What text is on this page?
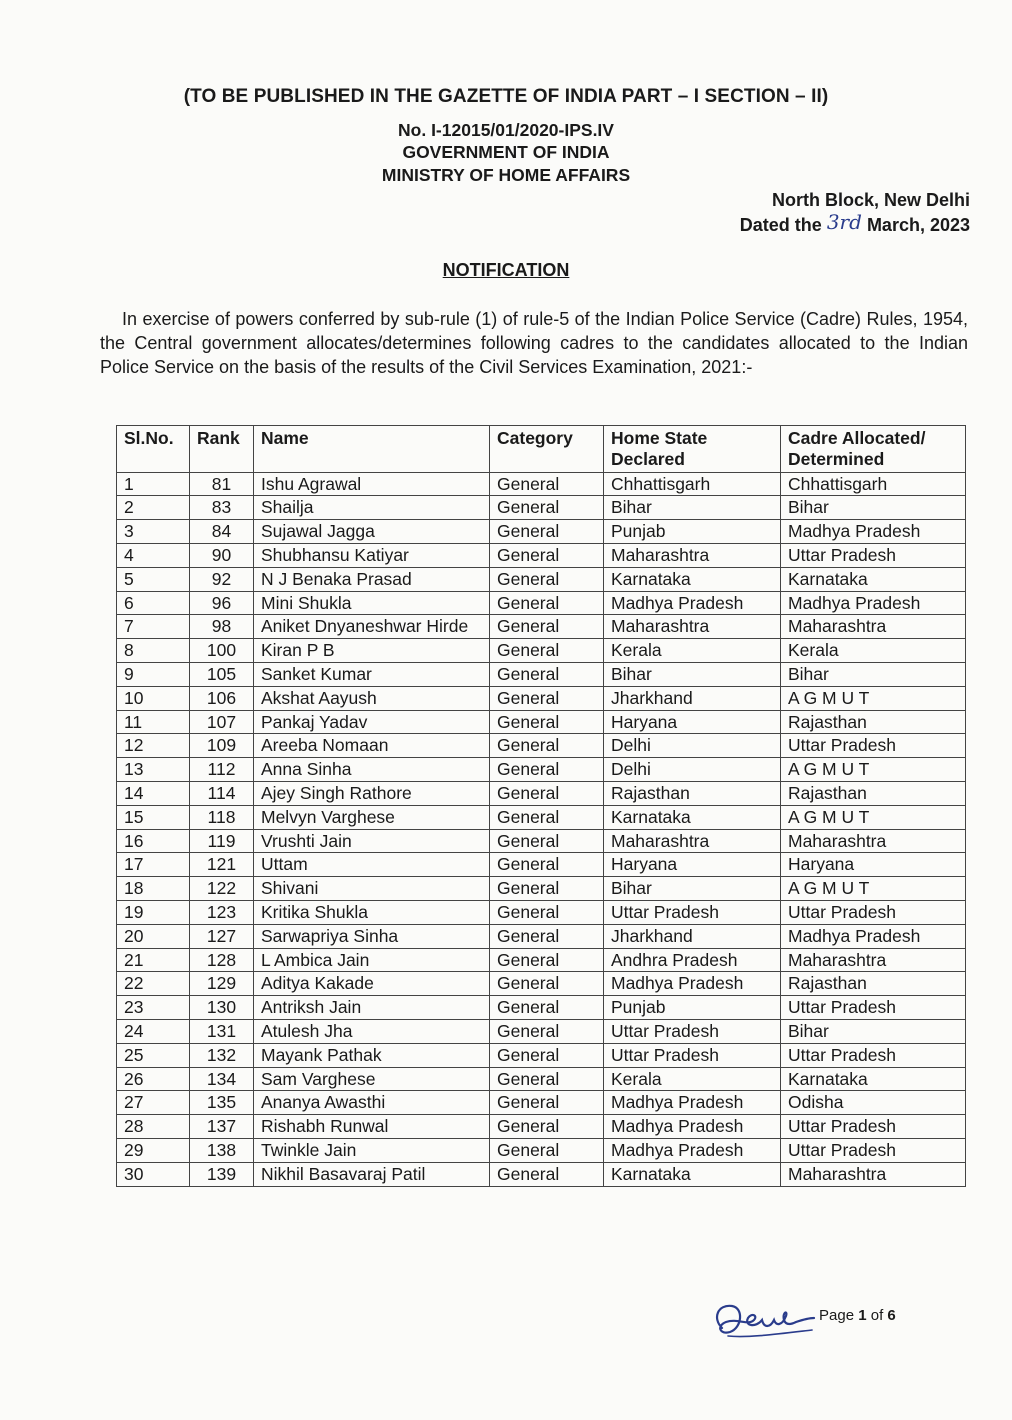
(TO BE PUBLISHED IN THE GAZETTE OF INDIA PART – I SECTION – II)
No. I-12015/01/2020-IPS.IV
GOVERNMENT OF INDIA
MINISTRY OF HOME AFFAIRS
North Block, New Delhi
Dated the 3rd March, 2023
NOTIFICATION
In exercise of powers conferred by sub-rule (1) of rule-5 of the Indian Police Service (Cadre) Rules, 1954, the Central government allocates/determines following cadres to the candidates allocated to the Indian Police Service on the basis of the results of the Civil Services Examination, 2021:-
Sl.No.	Rank	Name	Category	Home State Declared	Cadre Allocated/ Determined
1	81	Ishu Agrawal	General	Chhattisgarh	Chhattisgarh
2	83	Shailja	General	Bihar	Bihar
3	84	Sujawal Jagga	General	Punjab	Madhya Pradesh
4	90	Shubhansu Katiyar	General	Maharashtra	Uttar Pradesh
5	92	N J Benaka Prasad	General	Karnataka	Karnataka
6	96	Mini Shukla	General	Madhya Pradesh	Madhya Pradesh
7	98	Aniket Dnyaneshwar Hirde	General	Maharashtra	Maharashtra
8	100	Kiran P B	General	Kerala	Kerala
9	105	Sanket Kumar	General	Bihar	Bihar
10	106	Akshat Aayush	General	Jharkhand	A G M U T
11	107	Pankaj Yadav	General	Haryana	Rajasthan
12	109	Areeba Nomaan	General	Delhi	Uttar Pradesh
13	112	Anna Sinha	General	Delhi	A G M U T
14	114	Ajey Singh Rathore	General	Rajasthan	Rajasthan
15	118	Melvyn Varghese	General	Karnataka	A G M U T
16	119	Vrushti Jain	General	Maharashtra	Maharashtra
17	121	Uttam	General	Haryana	Haryana
18	122	Shivani	General	Bihar	A G M U T
19	123	Kritika Shukla	General	Uttar Pradesh	Uttar Pradesh
20	127	Sarwapriya Sinha	General	Jharkhand	Madhya Pradesh
21	128	L Ambica Jain	General	Andhra Pradesh	Maharashtra
22	129	Aditya Kakade	General	Madhya Pradesh	Rajasthan
23	130	Antriksh Jain	General	Punjab	Uttar Pradesh
24	131	Atulesh Jha	General	Uttar Pradesh	Bihar
25	132	Mayank Pathak	General	Uttar Pradesh	Uttar Pradesh
26	134	Sam Varghese	General	Kerala	Karnataka
27	135	Ananya Awasthi	General	Madhya Pradesh	Odisha
28	137	Rishabh Runwal	General	Madhya Pradesh	Uttar Pradesh
29	138	Twinkle Jain	General	Madhya Pradesh	Uttar Pradesh
30	139	Nikhil Basavaraj Patil	General	Karnataka	Maharashtra
Page 1 of 6
